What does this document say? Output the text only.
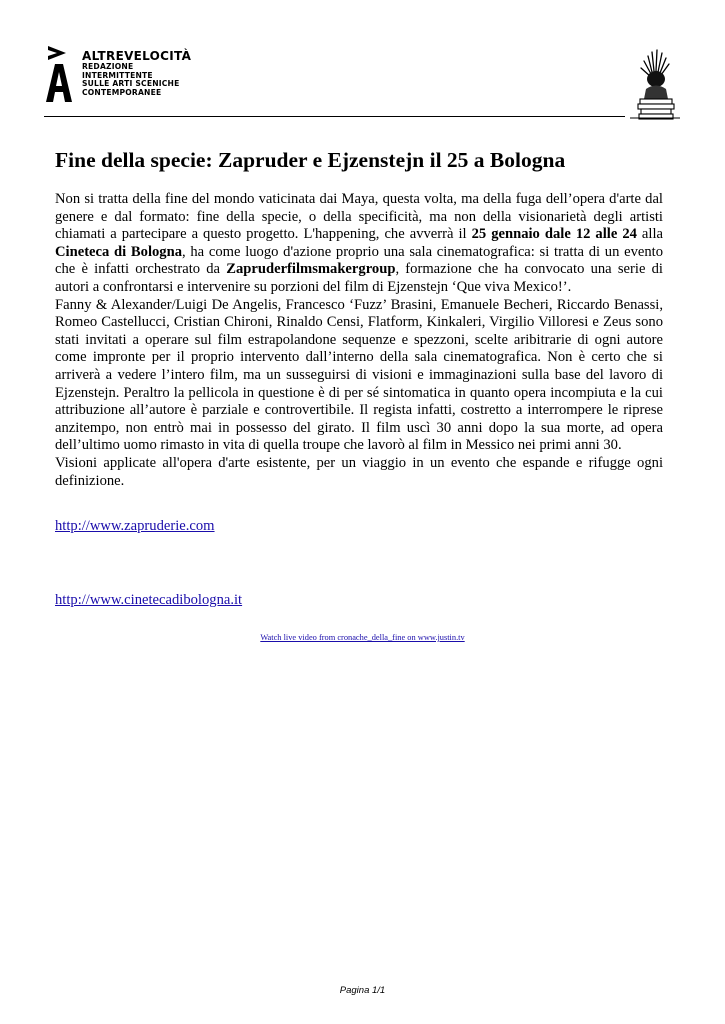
ALTREVELOCITÀ
REDAZIONE
INTERMITTENTE
SULLE ARTI SCENICHE
CONTEMPORANEE
Fine della specie: Zapruder e Ejzenstejn il 25 a Bologna

Non si tratta della fine del mondo vaticinata dai Maya, questa volta, ma della fuga dell’opera d'arte dal genere e dal formato: fine della specie, o della specificità, ma non della visionarietà degli artisti chiamati a partecipare a questo progetto. L'happening, che avverrà il 25 gennaio dale 12 alle 24 alla Cineteca di Bologna, ha come luogo d'azione proprio una sala cinematografica: si tratta di un evento che è infatti orchestrato da Zapruderfilmsmakergroup, formazione che ha convocato una serie di autori a confrontarsi e intervenire su porzioni del film di Ejzenstejn ‘Que viva Mexico!’.

Fanny & Alexander/Luigi De Angelis, Francesco ‘Fuzz’ Brasini, Emanuele Becheri, Riccardo Benassi, Romeo Castellucci, Cristian Chironi, Rinaldo Censi, Flatform, Kinkaleri, Virgilio Villoresi e Zeus sono stati invitati a operare sul film estrapolandone sequenze e spezzoni, scelte aribitrarie di ogni autore come impronte per il proprio intervento dall’interno della sala cinematografica. Non è certo che si arriverà a vedere l’intero film, ma un susseguirsi di visioni e immaginazioni sulla base del lavoro di Ejzenstejn. Peraltro la pellicola in questione è di per sé sintomatica in quanto opera incompiuta e la cui attribuzione all’autore è parziale e controvertibile. Il regista infatti, costretto a interrompere le riprese anzitempo, non entrò mai in possesso del girato. Il film uscì 30 anni dopo la sua morte, ad opera dell’ultimo uomo rimasto in vita di quella troupe che lavorò al film in Messico nei primi anni 30.

Visioni applicate all'opera d'arte esistente, per un viaggio in un evento che espande e rifugge ogni definizione.

http://www.zapruderie.com
http://www.cinetecadibologna.it
Watch live video from cronache_della_fine on www.justin.tv
Pagina 1/1
